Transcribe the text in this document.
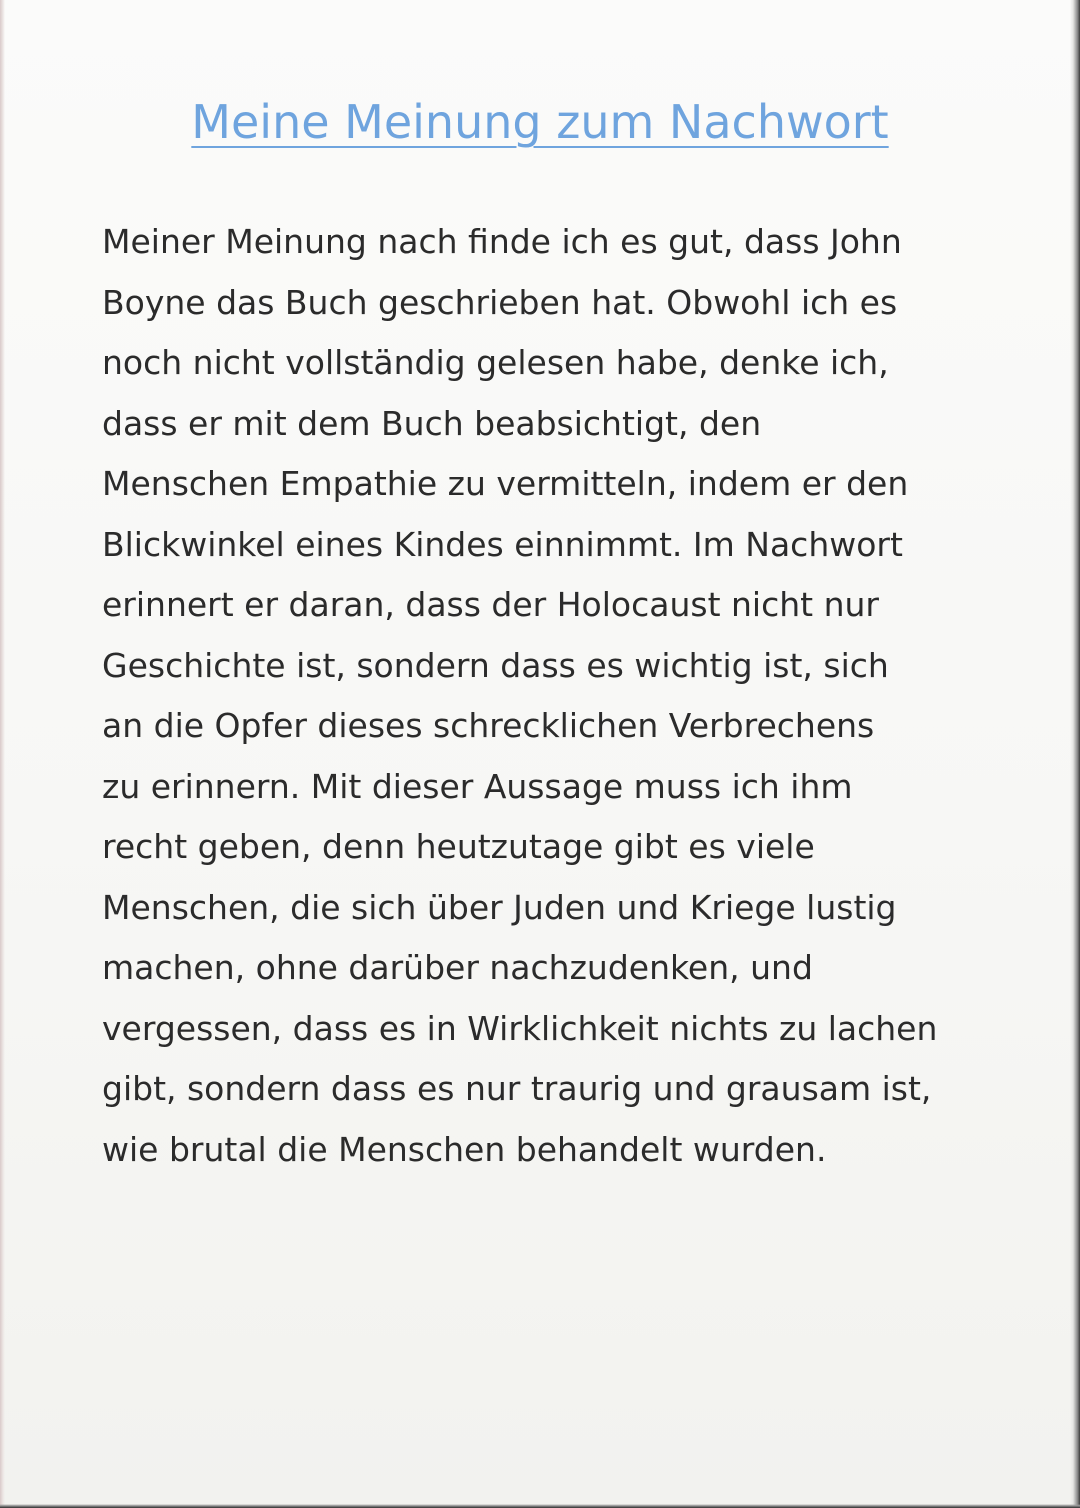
Meine Meinung zum Nachwort
Meiner Meinung nach finde ich es gut, dass John
Boyne das Buch geschrieben hat. Obwohl ich es
noch nicht vollständig gelesen habe, denke ich,
dass er mit dem Buch beabsichtigt, den
Menschen Empathie zu vermitteln, indem er den
Blickwinkel eines Kindes einnimmt. Im Nachwort
erinnert er daran, dass der Holocaust nicht nur
Geschichte ist, sondern dass es wichtig ist, sich
an die Opfer dieses schrecklichen Verbrechens
zu erinnern. Mit dieser Aussage muss ich ihm
recht geben, denn heutzutage gibt es viele
Menschen, die sich über Juden und Kriege lustig
machen, ohne darüber nachzudenken, und
vergessen, dass es in Wirklichkeit nichts zu lachen
gibt, sondern dass es nur traurig und grausam ist,
wie brutal die Menschen behandelt wurden.
